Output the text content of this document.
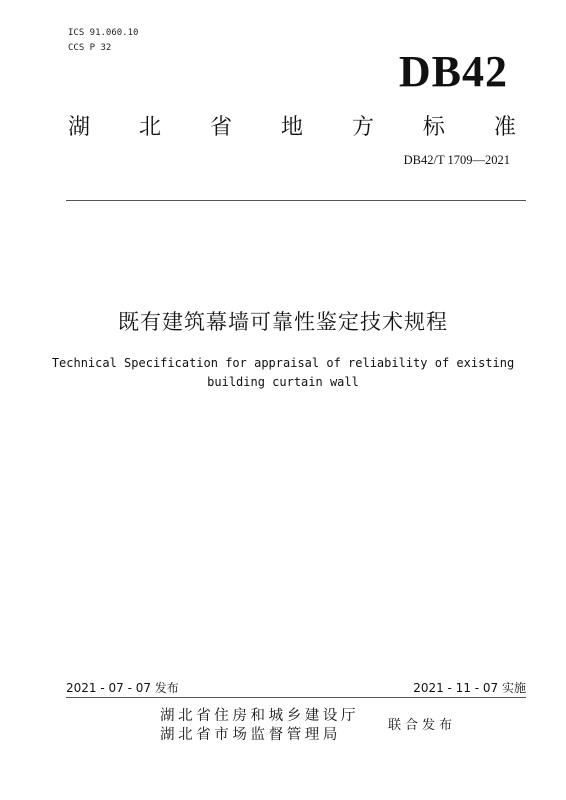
ICS 91.060.10
CCS P 32	DB42
湖 北 省 地 方 标 准
DB42/T 1709—2021
既有建筑幕墙可靠性鉴定技术规程
Technical Specification for appraisal of reliability of existing
building curtain wall
2021 - 07 - 07 发布	2021 - 11 - 07 实施
湖北省住房和城乡建设厅
湖北省市场监督管理局
联合发布
